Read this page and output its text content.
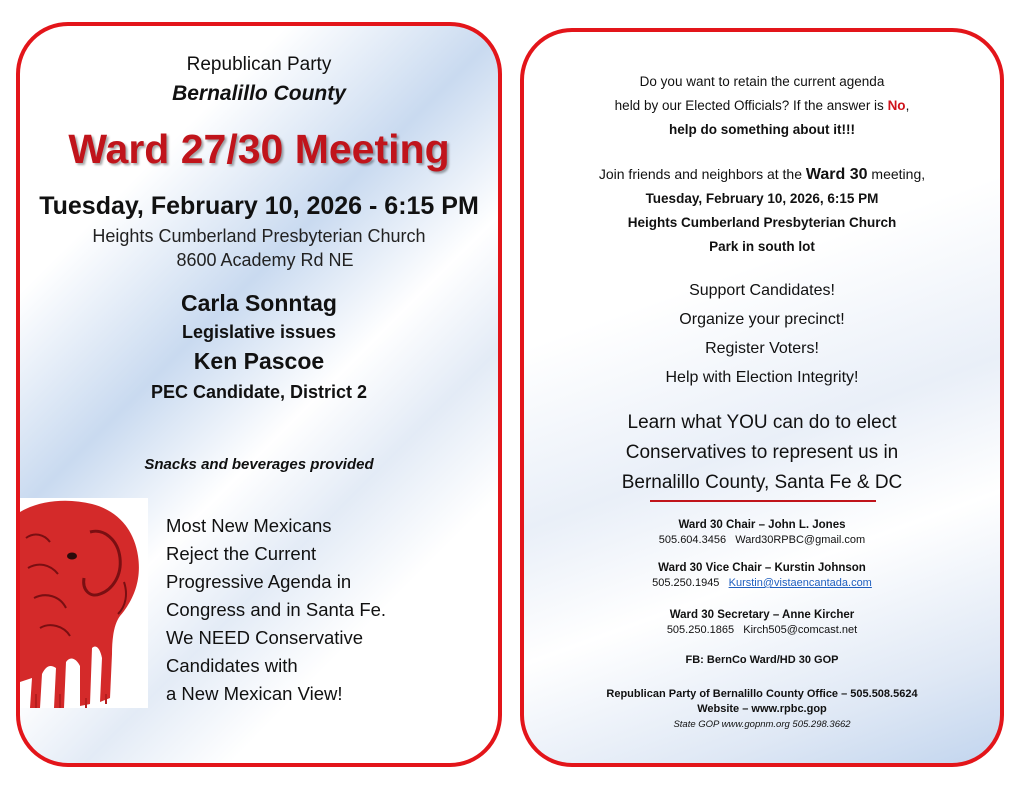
Republican Party
Bernalillo County
Ward 27/30 Meeting
Tuesday, February 10, 2026 - 6:15 PM
Heights Cumberland Presbyterian Church
8600 Academy Rd NE
Carla Sonntag
Legislative issues
Ken Pascoe
PEC Candidate, District 2
Snacks and beverages provided
Most New Mexicans
Reject the Current
Progressive Agenda in
Congress and in Santa Fe.
We NEED Conservative
Candidates with
a New Mexican View!
Do you want to retain the current agenda
held by our Elected Officials? If the answer is No,
help do something about it!!!
Join friends and neighbors at the Ward 30 meeting,
Tuesday, February 10, 2026, 6:15 PM
Heights Cumberland Presbyterian Church
Park in south lot
Support Candidates!
Organize your precinct!
Register Voters!
Help with Election Integrity!
Learn what YOU can do to elect
Conservatives to represent us in
Bernalillo County, Santa Fe & DC
Ward 30 Chair – John L. Jones
505.604.3456 Ward30RPBC@gmail.com
Ward 30 Vice Chair – Kurstin Johnson
505.250.1945 Kurstin@vistaencantada.com
Ward 30 Secretary – Anne Kircher
505.250.1865 Kirch505@comcast.net
FB: BernCo Ward/HD 30 GOP
Republican Party of Bernalillo County Office – 505.508.5624
Website – www.rpbc.gop
State GOP www.gopnm.org 505.298.3662
